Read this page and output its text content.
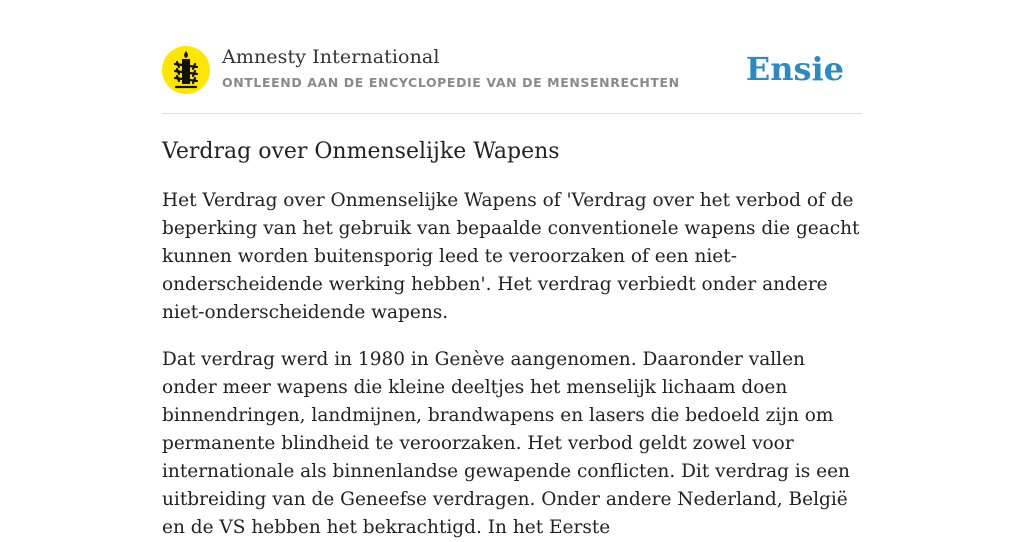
Amnesty International
ONTLEEND AAN DE ENCYCLOPEDIE VAN DE MENSENRECHTEN Ensie
Verdrag over Onmenselijke Wapens

Het Verdrag over Onmenselijke Wapens of 'Verdrag over het verbod of de beperking van het gebruik van bepaalde conventionele wapens die geacht kunnen worden buitensporig leed te veroorzaken of een niet-onderscheidende werking hebben'. Het verdrag verbiedt onder andere niet-onderscheidende wapens.

Dat verdrag werd in 1980 in Genève aangenomen. Daaronder vallen onder meer wapens die kleine deeltjes het menselijk lichaam doen binnendringen, landmijnen, brandwapens en lasers die bedoeld zijn om permanente blindheid te veroorzaken. Het verbod geldt zowel voor internationale als binnenlandse gewapende conflicten. Dit verdrag is een uitbreiding van de Geneefse verdragen. Onder andere Nederland, België en de VS hebben het bekrachtigd. In het Eerste
